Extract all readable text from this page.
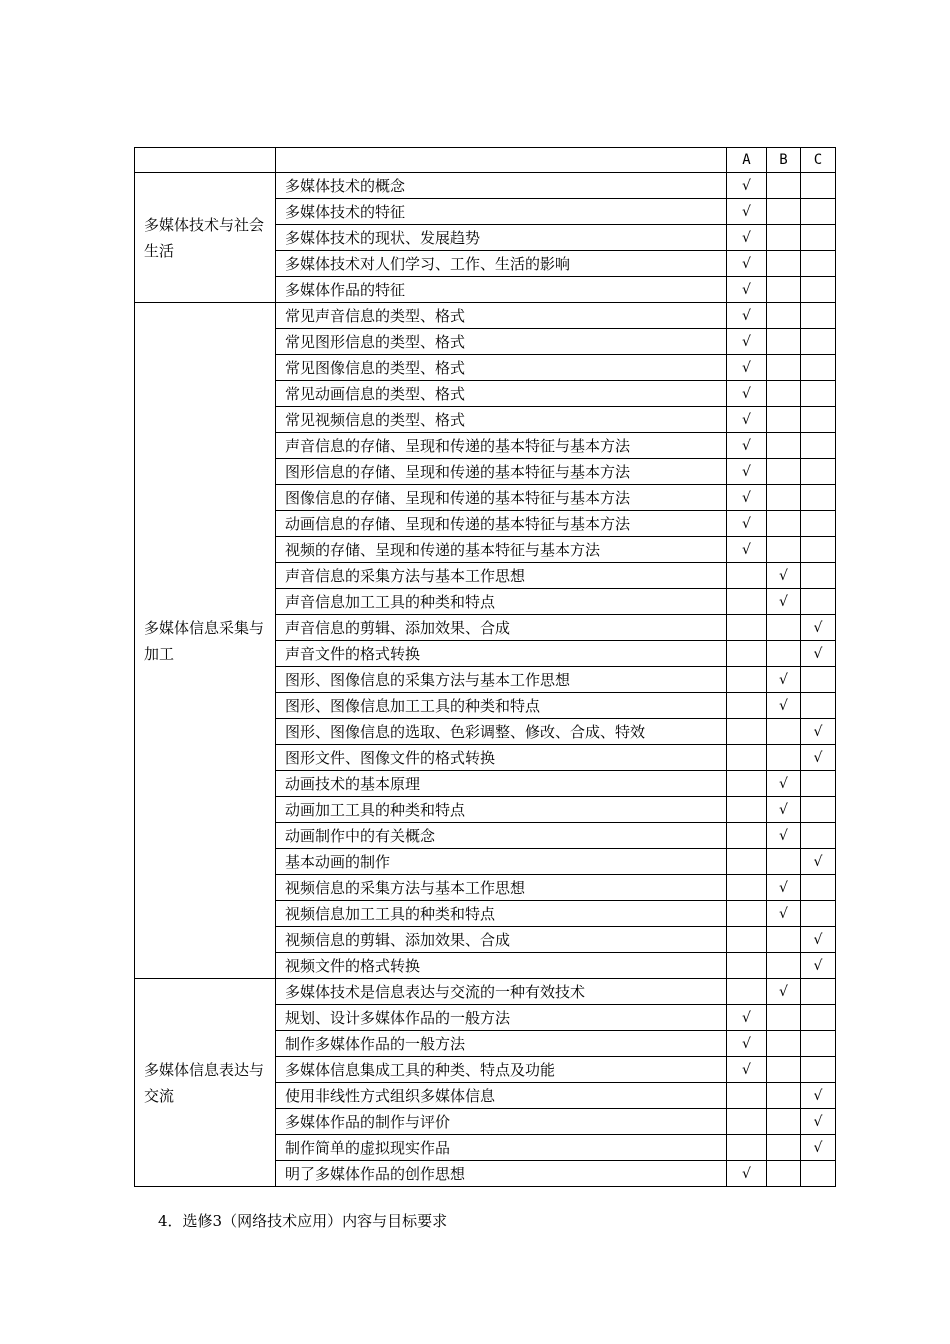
		A	B	C
多媒体技术与社会生活	多媒体技术的概念	√		
	多媒体技术的特征	√		
	多媒体技术的现状、发展趋势	√		
	多媒体技术对人们学习、工作、生活的影响	√		
	多媒体作品的特征	√		
多媒体信息采集与加工	常见声音信息的类型、格式	√		
	常见图形信息的类型、格式	√		
	常见图像信息的类型、格式	√		
	常见动画信息的类型、格式	√		
	常见视频信息的类型、格式	√		
	声音信息的存储、呈现和传递的基本特征与基本方法	√		
	图形信息的存储、呈现和传递的基本特征与基本方法	√		
	图像信息的存储、呈现和传递的基本特征与基本方法	√		
	动画信息的存储、呈现和传递的基本特征与基本方法	√		
	视频的存储、呈现和传递的基本特征与基本方法	√		
	声音信息的采集方法与基本工作思想		√	
	声音信息加工工具的种类和特点		√	
	声音信息的剪辑、添加效果、合成			√
	声音文件的格式转换			√
	图形、图像信息的采集方法与基本工作思想		√	
	图形、图像信息加工工具的种类和特点		√	
	图形、图像信息的选取、色彩调整、修改、合成、特效			√
	图形文件、图像文件的格式转换			√
	动画技术的基本原理		√	
	动画加工工具的种类和特点		√	
	动画制作中的有关概念		√	
	基本动画的制作			√
	视频信息的采集方法与基本工作思想		√	
	视频信息加工工具的种类和特点		√	
	视频信息的剪辑、添加效果、合成			√
	视频文件的格式转换			√
多媒体信息表达与交流	多媒体技术是信息表达与交流的一种有效技术		√	
	规划、设计多媒体作品的一般方法	√		
	制作多媒体作品的一般方法	√		
	多媒体信息集成工具的种类、特点及功能	√		
	使用非线性方式组织多媒体信息			√
	多媒体作品的制作与评价			√
	制作简单的虚拟现实作品			√
	明了多媒体作品的创作思想	√		
4．选修3（网络技术应用）内容与目标要求
